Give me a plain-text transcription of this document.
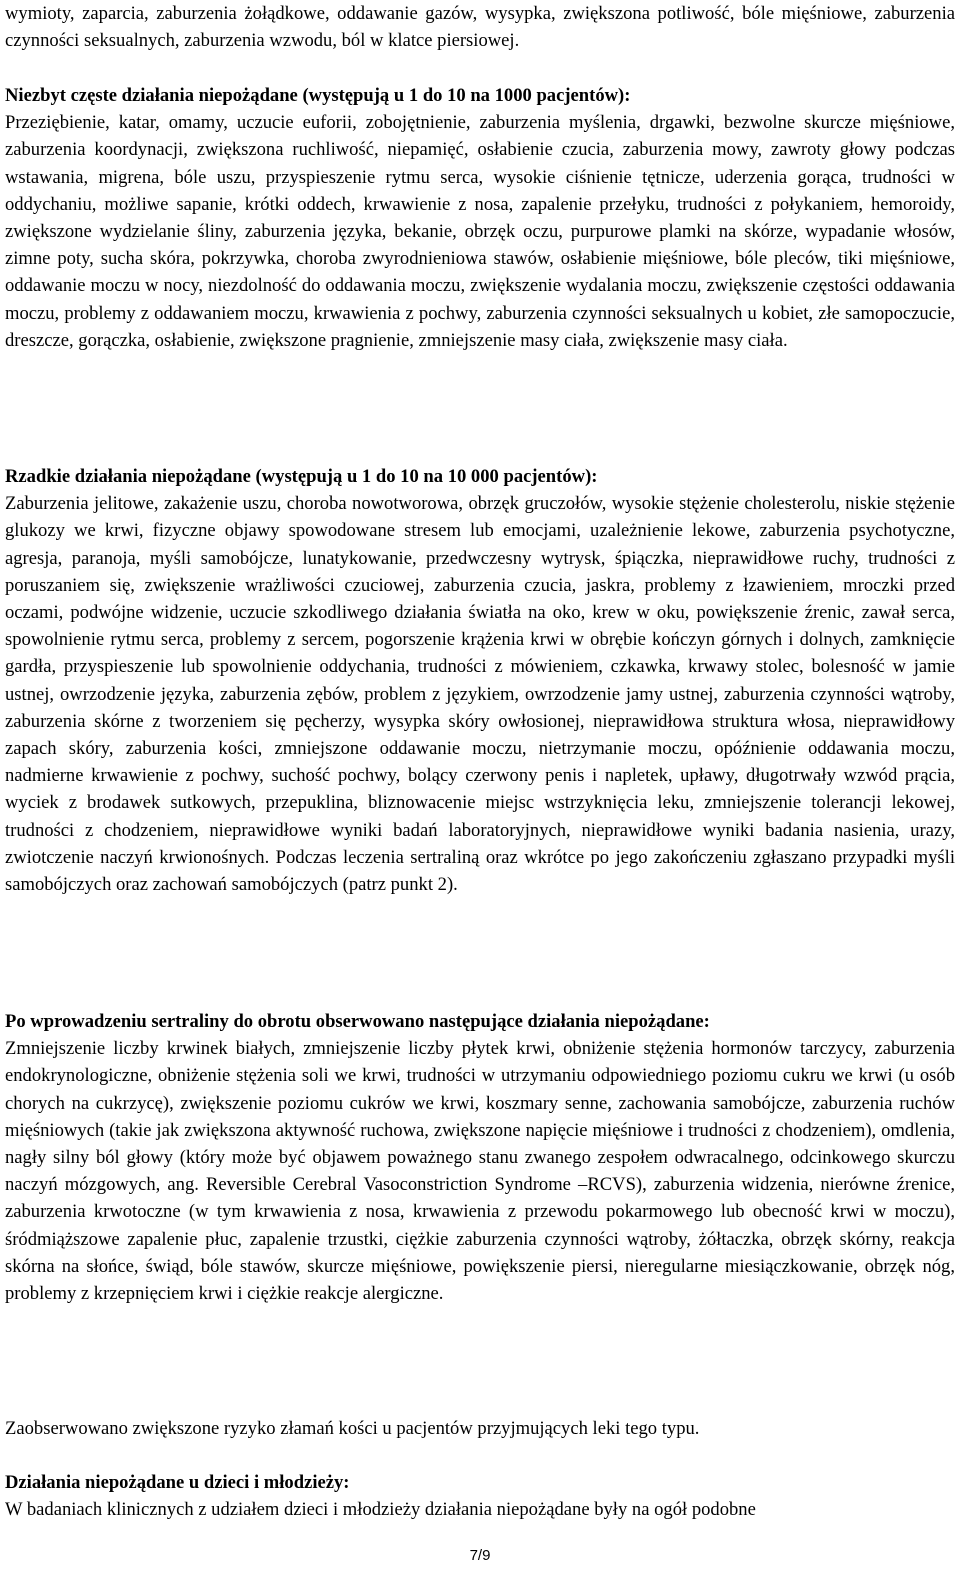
wymioty, zaparcia, zaburzenia żołądkowe, oddawanie gazów, wysypka, zwiększona potliwość, bóle mięśniowe, zaburzenia czynności seksualnych, zaburzenia wzwodu, ból w klatce piersiowej.

Niezbyt częste działania niepożądane (występują u 1 do 10 na 1000 pacjentów):

Przeziębienie, katar, omamy, uczucie euforii, zobojętnienie, zaburzenia myślenia, drgawki, bezwolne skurcze mięśniowe, zaburzenia koordynacji, zwiększona ruchliwość, niepamięć, osłabienie czucia, zaburzenia mowy, zawroty głowy podczas wstawania, migrena, bóle uszu, przyspieszenie rytmu serca, wysokie ciśnienie tętnicze, uderzenia gorąca, trudności w oddychaniu, możliwe sapanie, krótki oddech, krwawienie z nosa, zapalenie przełyku, trudności z połykaniem, hemoroidy, zwiększone wydzielanie śliny, zaburzenia języka, bekanie, obrzęk oczu, purpurowe plamki na skórze, wypadanie włosów, zimne poty, sucha skóra, pokrzywka, choroba zwyrodnieniowa stawów, osłabienie mięśniowe, bóle pleców, tiki mięśniowe, oddawanie moczu w nocy, niezdolność do oddawania moczu, zwiększenie wydalania moczu, zwiększenie częstości oddawania moczu, problemy z oddawaniem moczu, krwawienia z pochwy, zaburzenia czynności seksualnych u kobiet, złe samopoczucie, dreszcze, gorączka, osłabienie, zwiększone pragnienie, zmniejszenie masy ciała, zwiększenie masy ciała.

Rzadkie działania niepożądane (występują u 1 do 10 na 10 000 pacjentów):

Zaburzenia jelitowe, zakażenie uszu, choroba nowotworowa, obrzęk gruczołów, wysokie stężenie cholesterolu, niskie stężenie glukozy we krwi, fizyczne objawy spowodowane stresem lub emocjami, uzależnienie lekowe, zaburzenia psychotyczne, agresja, paranoja, myśli samobójcze, lunatykowanie, przedwczesny wytrysk, śpiączka, nieprawidłowe ruchy, trudności z poruszaniem się, zwiększenie wrażliwości czuciowej, zaburzenia czucia, jaskra, problemy z łzawieniem, mroczki przed oczami, podwójne widzenie, uczucie szkodliwego działania światła na oko, krew w oku, powiększenie źrenic, zawał serca, spowolnienie rytmu serca, problemy z sercem, pogorszenie krążenia krwi w obrębie kończyn górnych i dolnych, zamknięcie gardła, przyspieszenie lub spowolnienie oddychania, trudności z mówieniem, czkawka, krwawy stolec, bolesność w jamie ustnej, owrzodzenie języka, zaburzenia zębów, problem z językiem, owrzodzenie jamy ustnej, zaburzenia czynności wątroby, zaburzenia skórne z tworzeniem się pęcherzy, wysypka skóry owłosionej, nieprawidłowa struktura włosa, nieprawidłowy zapach skóry, zaburzenia kości, zmniejszone oddawanie moczu, nietrzymanie moczu, opóźnienie oddawania moczu, nadmierne krwawienie z pochwy, suchość pochwy, bolący czerwony penis i napletek, upławy, długotrwały wzwód prącia, wyciek z brodawek sutkowych, przepuklina, bliznowacenie miejsc wstrzyknięcia leku, zmniejszenie tolerancji lekowej, trudności z chodzeniem, nieprawidłowe wyniki badań laboratoryjnych, nieprawidłowe wyniki badania nasienia, urazy, zwiotczenie naczyń krwionośnych. Podczas leczenia sertraliną oraz wkrótce po jego zakończeniu zgłaszano przypadki myśli samobójczych oraz zachowań samobójczych (patrz punkt 2).

Po wprowadzeniu sertraliny do obrotu obserwowano następujące działania niepożądane:

Zmniejszenie liczby krwinek białych, zmniejszenie liczby płytek krwi, obniżenie stężenia hormonów tarczycy, zaburzenia endokrynologiczne, obniżenie stężenia soli we krwi, trudności w utrzymaniu odpowiedniego poziomu cukru we krwi (u osób chorych na cukrzycę), zwiększenie poziomu cukrów we krwi, koszmary senne, zachowania samobójcze, zaburzenia ruchów mięśniowych (takie jak zwiększona aktywność ruchowa, zwiększone napięcie mięśniowe i trudności z chodzeniem), omdlenia, nagły silny ból głowy (który może być objawem poważnego stanu zwanego zespołem odwracalnego, odcinkowego skurczu naczyń mózgowych, ang. Reversible Cerebral Vasoconstriction Syndrome –RCVS), zaburzenia widzenia, nierówne źrenice, zaburzenia krwotoczne (w tym krwawienia z nosa, krwawienia z przewodu pokarmowego lub obecność krwi w moczu), śródmiąższowe zapalenie płuc, zapalenie trzustki, ciężkie zaburzenia czynności wątroby, żółtaczka, obrzęk skórny, reakcja skórna na słońce, świąd, bóle stawów, skurcze mięśniowe, powiększenie piersi, nieregularne miesiączkowanie, obrzęk nóg, problemy z krzepnięciem krwi i ciężkie reakcje alergiczne.

Zaobserwowano zwiększone ryzyko złamań kości u pacjentów przyjmujących leki tego typu.

Działania niepożądane u dzieci i młodzieży:

W badaniach klinicznych z udziałem dzieci i młodzieży działania niepożądane były na ogół podobne

7/9
